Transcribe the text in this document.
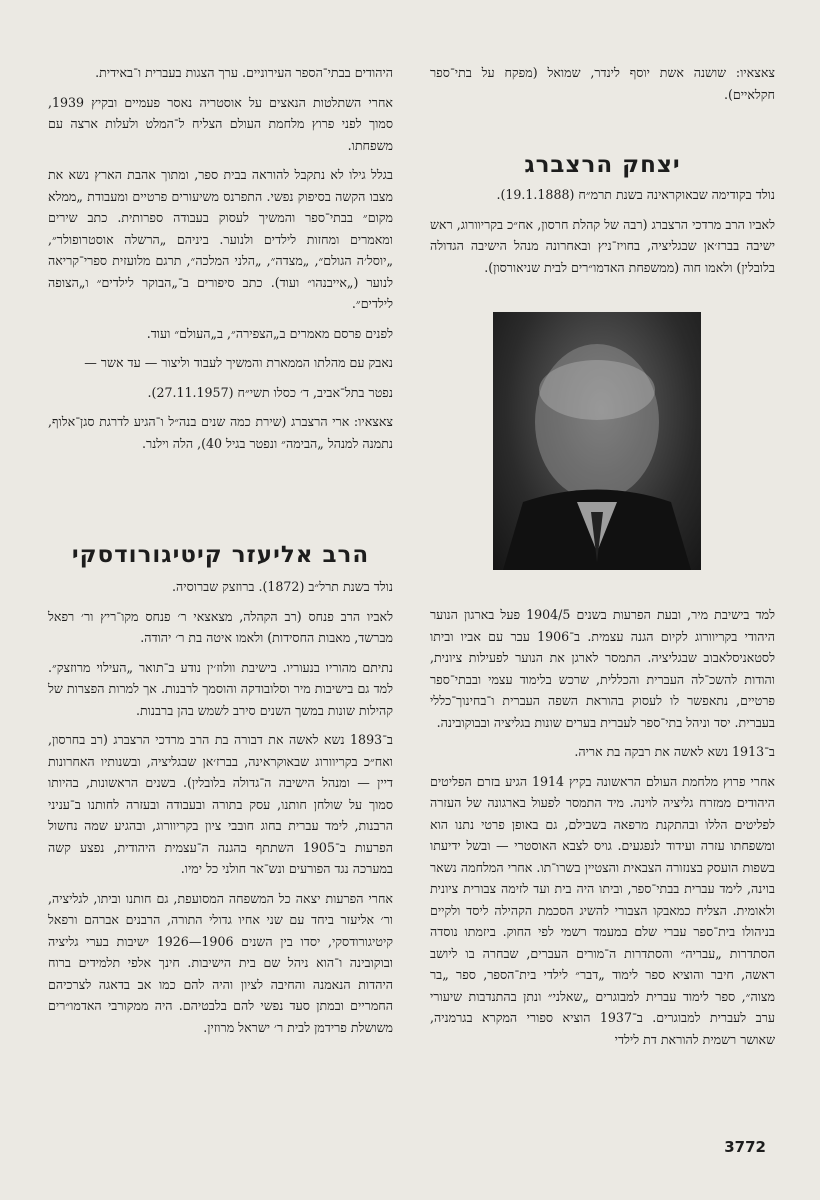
צאצאיו: שושנה אשת יוסף לינדר, שמואל (מפקח על בתי־ספר חקלאיים).

יצחק הרצברג

נולד בקודימה שבאוקראינה בשנת תרמ״ח (19.1.1888).

לאביו הרב מרדכי הרצברג (רבה של קהלת חרסון, אח״כ בקריוורוג, ראש ישיבה בברז׳אן שבגליציה, בחויז־ניץ ובאחרונה מנהל הישיבה הגדולה בלובלין) ולאמו חוה (ממשפחת האדמו״רים לבית שניאורסון).

למד בישיבת מיר, ובעת הפרעות בשנים 1904/5 פעל בארגון הנוער היהודי בקריוורוג לקיום הגנה עצמית. ב־1906 עבר עם אביו וביתו לסטאניסלאבוב שבגליציה. התמסר לארגן את הנוער לפעילות ציונית, והודות להשכ־לה העברית והכללית, שרכש בלימוד עצמי ובבתי־ספר פרטיים, נתאפשר לו לעסוק בהוראת השפה העברית ו־בחינוך־כללי בעברית. יסד וניהל בתי־ספר לעברית בערים שונות בגליציה ובבוקובינה.

ב־1913 נשא לאשה את רבקה בת אריה.

אחרי פרוץ מלחמת העולם הראשונה בקיץ 1914 הגיע בזרם הפליטים היהודים ממזרח גליציה לוינה. מיד התמסר לפעול בארגונה של העזרה לפליטים הללו ובהתקנת מרפאה בשבילם, גם באופן פרטי נתנו הוא ומשפחתו עזרה ועידוד לנפגעים. גויס לצבא האוסטרי — ובשל ידיעתו בשפות הועסק בצנזורה הצבאית והצטיין בשרו־תו. אחרי המלחמה נשאר בוינה, לימד עברית בבתי־ספר, וביתו היה בית ועד לזימה צבורית ציונית ולאומית. הצליח כמאבקו הצבורי להשיג הסכמת הקהילה ליסד ולקיים בניהולו בית־ספר עברי שלם במעמד רשמי לפי החוק. ביזמתו נוסדה הסתדרות „עבריה״ והסתדרות ה־מורים העברים, שבחרה בו ליושב ראשה, חיבר והוציא ספר לימוד „דבר״ לילדי בית־הספר, ספר „בר מצוה״, ספר לימוד עברית למבוגרים „שאלני״ ונתן בהתנדבות שיעורי ערב לעברית למבוגרים. ב־1937 הוציא ספורי המקרא בגרמניה, שאושר רשמית להוראת דת לילדי

היהודים בבתי־הספר העירוניים. ערך הצגות בעברית ו־באידית.

אחרי השתלטות הנאצים על אוסטריה נאסר פעמיים ובקיץ 1939, סמוך לפני פרוץ מלחמת העולם הצליח ל־המלט ולעלות ארצה עם משפחתו.

בגלל גילו לא נתקבל להוראה בבית ספר, ומתוך אהבת הארץ נשא את מצבו הקשה בסיפוק נפשי. התפרנס משיעורים פרטיים ומעבודת „ממלא מקום״ בבתי־ספר והמשיך לעסוק בעבודה ספרותית. כתב שירים ומאמרים ומחזות לילדים ולנוער. ביניהם „הרשלה אוסטרופולר״, „יוסל׳ה הגולם״, „מצדה״, „הלני המלכה״, תרגם מלועזית ספרי־קריאה לנוער („אייבנהו״ ועוד). כתב סיפורים ב־„הבוקר לילדים״ ו„הצופה לילדים״.

לפנים פרסם מאמרים ב„הצפירה״, ב„העולם״ ועוד.

נאבק עם מהלתו הממארת והמשיך לעבוד וליצור — עד אשר —

נפטר בתל־אביב, ד׳ כסלו תשי״ח (27.11.1957).

צאצאיו: ארי הרצברג (שירת כמה שנים בנה״ל ו־הגיע לדרגת סגן־אלוף, נתמנה למנהל „הבימה״ ונפטר בגיל 40), הלה וילנר.

הרב אליעזר קיטיגורודסקי

נולד בשנת תרל״ב (1872). ברוזצק שברוסיה.

לאביו הרב פנחס (רב הקהלה, מצאצאי ר׳ פנחס מקו־ריץ ור׳ רפאל מברשד, מאבות החסידות) ולאמו איטה בת ר׳ יהודה.

נתיתם מהוריו בנעוריו. בישיבת וולוז׳ין נודע ב־תואר „העילוי מרוזצק״. למד גם בישיבות מיר וסלובודקה והוסמך לרבנות. אך למרות הפצרות של קהילות שונות במשך השנים סירב לשמש בהן ברבנות.

ב־1893 נשא לאשה את דבורה בת הרב מרדכי הרצברג (רב בחרסון, ואח״כ בקריוורוג שבאוקראינה, בברז׳אן שבגליציה, ובשנותיו האחרונות דיין — ומנהל הישיבה ה־גדולה בלובלין). בשנים הראשונות, בהיותו סמוך על שולחן חותנו, עסק בתורה ובעבודה ובעזרה לחותנו ב־עניני הרבנות, לימד עברית בחוג חובבי ציון בקריוורוג, ובהגיע שמה נחשול הפרעות ב־1905 השתתף בהגנה ה־עצמית היהודית, נפצע קשה במערכה נגד הפורעים ונש־אר חולני כל ימיו.

אחרי הפרעות יצאה כל המשפחה המסועפת, גם חותנו וביתו, לגליציה, ור׳ אליעזר ביחד עם שני אחיו גדולי התורה, הרבנים אברהם ורפאל קיטיגורודסקי, יסדו בין השנים 1906—1926 ישיבות בערי גליציה ובוקובינה ו־הוא ניהל שם בית הישיבות. חינך אלפי תלמידים ברוח היהדות הנאמנה והחיבה לציון והיה להם כמו אב בדאגה לצרכיהם החמריים ובמתן סעד נפשי להם בלבטיהם. היה ממקורבי האדמו״רים משושלת פרידמן לבית ר׳ ישראל מרוזין.

3772
